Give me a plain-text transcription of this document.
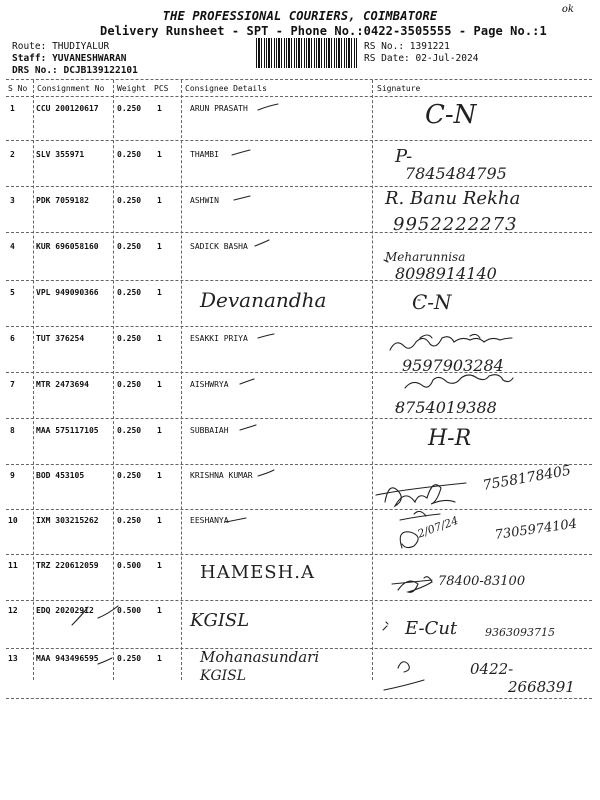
ok
THE PROFESSIONAL COURIERS, COIMBATORE
Delivery Runsheet - SPT - Phone No.:0422-3505555 - Page No.:1
Route: THUDIYALUR
Staff: YUVANESHWARAN
DRS No.: DCJB139122101
RS No.: 1391221
RS Date: 02-Jul-2024
S No Consignment No Weight PCS Consignee Details	Signature
1	CCU 200120617 0.250 1	ARUN PRASATH	C-N
2	SLV 355971	0.250 1	THAMBI	P-
7845484795
3	PDK 7059182	0.250 1	ASHWIN	R. Banu Rekha
9952222273
4	KUR 696058160 0.250 1	SADICK BASHA
Meharunnisa
8098914140
5	VPL 949090366 0.250 1 Devanandha	C-N
6	TUT 376254	0.250 1	ESAKKI PRIYA
9597903284
7	MTR 2473694	0.250 1	AISHWRYA
8754019388
8	MAA 575117105 0.250 1	SUBBAIAH	H-R
9	BOD 453105	0.250 1	KRISHNA KUMAR	7558178405
10 IXM 303215262 0.250 1	EESHANYA	2/07/24	7305974104
11 TRZ 220612059 0.500 1 HAMESH.A	78400-83100
12 EDQ 20202912	0.500 1 KGISL	E-Cut	9363093715
13 MAA 943496595 0.250 1	Mohanasundari
KGISL	0422-
2668391
